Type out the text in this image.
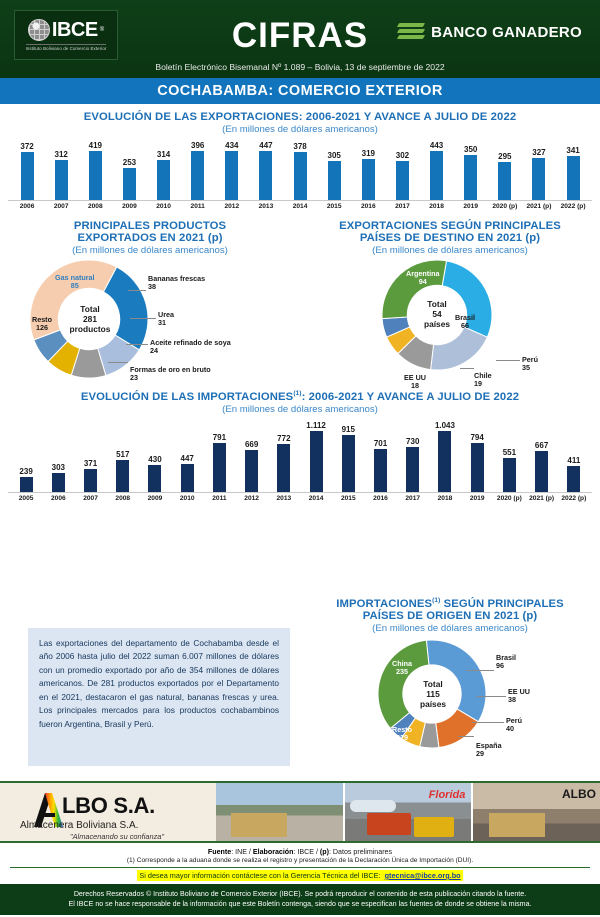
IBCE ®
Instituto Boliviano de Comercio Exterior	CIFRAS	BANCO GANADERO
Boletín Electrónico Bisemanal Nº 1.089 – Bolivia, 13 de septiembre de 2022
COCHABAMBA: COMERCIO EXTERIOR
EVOLUCIÓN DE LAS EXPORTACIONES: 2006-2021 Y AVANCE A JULIO DE 2022
(En millones de dólares americanos)
372
312
419
253
314
396	434	447	378
305	319	302
443	350
295	327	341
2006	2007	2008	2009	2010	2011	2012	2013	2014	2015	2016	2017	2018	2019	2020 (p)	2021 (p)	2022 (p)
PRINCIPALES PRODUCTOS
EXPORTADOS EN 2021 (p)
(En millones de dólares americanos)
Total
281
productos
Gas natural
85
Bananas frescas
38
Urea
31
Aceite refinado de soya
24
Formas de oro en bruto
23
Resto
126
EXPORTACIONES SEGÚN PRINCIPALES
PAÍSES DE DESTINO EN 2021 (p)
(En millones de dólares americanos)
Total
54
países
Argentina
94
Brasil
66
Perú
35
Chile
19
EE UU
18
Resto
94
EVOLUCIÓN DE LAS IMPORTACIONES$^{(1)}$: 2006-2021 Y AVANCE A JULIO DE 2022
(En millones de dólares americanos)
239 303 371
517
430 447
791
669
772
1.112
915
701 730
1.043
794
551
667
411
2005	2006	2007	2008	2009	2010	2011	2012	2013	2014	2015	2016	2017	2018	2019	2020 (p)	2021 (p)	2022 (p)
IMPORTACIONES$^{(1)}$ SEGÚN PRINCIPALES
PAÍSES DE ORIGEN EN 2021 (p)
(En millones de dólares americanos)
Total
115
países
China
235
Brasil
96
EE UU
38
Perú
40
España
29
Resto
229
Las exportaciones del departamento de Cochabamba desde el año 2006 hasta julio del 2022 suman 6.007 millones de dólares con un promedio exportado por año de 354 millones de dólares americanos. De 281 productos exportados por el Departamento en el 2021, destacaron el gas natural, bananas frescas y urea. Los principales mercados para los productos cochabambinos fueron Argentina, Brasil y Perú.
LBO S.A.
Almacenera Boliviana S.A.
"Almacenando su confianza"
Florida	ALBO
Fuente: INE / Elaboración: IBCE / (p): Datos preliminares
(1) Corresponde a la aduana donde se realiza el registro y presentación de la Declaración Única de Importación (DUI).
Si desea mayor información contáctese con la Gerencia Técnica del IBCE: gtecnica@ibce.org.bo
Derechos Reservados © Instituto Boliviano de Comercio Exterior (IBCE). Se podrá reproducir el contenido de esta publicación citando la fuente.
El IBCE no se hace responsable de la información que este Boletín contenga, siendo que se especifican las fuentes de donde se obtiene la misma.
